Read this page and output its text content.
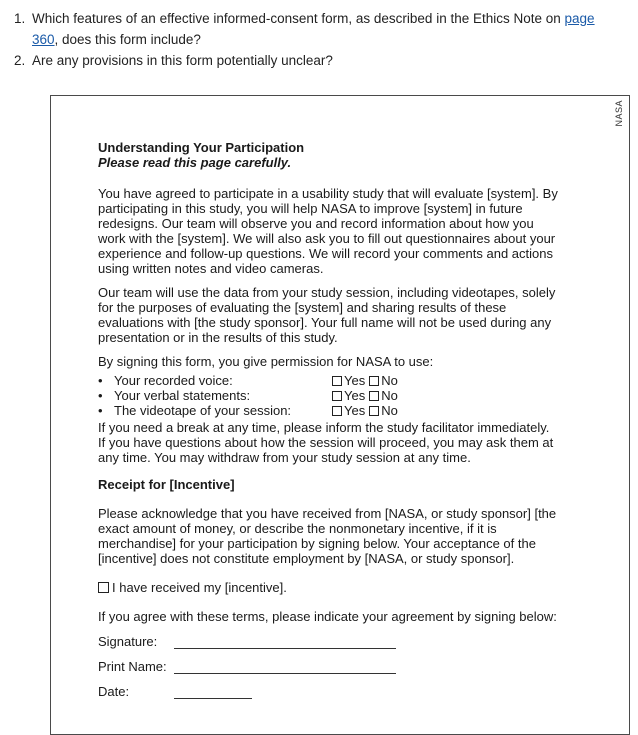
1. Which features of an effective informed-consent form, as described in the Ethics Note on page
360, does this form include?
2. Are any provisions in this form potentially unclear?
NASA

Understanding Your Participation

Please read this page carefully.

You have agreed to participate in a usability study that will evaluate [system]. By participating in this study, you will help NASA to improve [system] in future redesigns. Our team will observe you and record information about how you work with the [system]. We will also ask you to fill out questionnaires about your experience and follow-up questions. We will record your comments and actions using written notes and video cameras.

Our team will use the data from your study session, including videotapes, solely for the purposes of evaluating the [system] and sharing results of these evaluations with [the study sponsor]. Your full name will not be used during any presentation or in the results of this study.

By signing this form, you give permission for NASA to use:

• Your recorded voice:	Yes No
• Your verbal statements:	Yes No
• The videotape of your session:	Yes No

If you need a break at any time, please inform the study facilitator immediately. If you have questions about how the session will proceed, you may ask them at any time. You may withdraw from your study session at any time.

Receipt for [Incentive]

Please acknowledge that you have received from [NASA, or study sponsor] [the exact amount of money, or describe the nonmonetary incentive, if it is merchandise] for your participation by signing below. Your acceptance of the [incentive] does not constitute employment by [NASA, or study sponsor].

I have received my [incentive].

If you agree with these terms, please indicate your agreement by signing below:

Signature:
Print Name:
Date:
